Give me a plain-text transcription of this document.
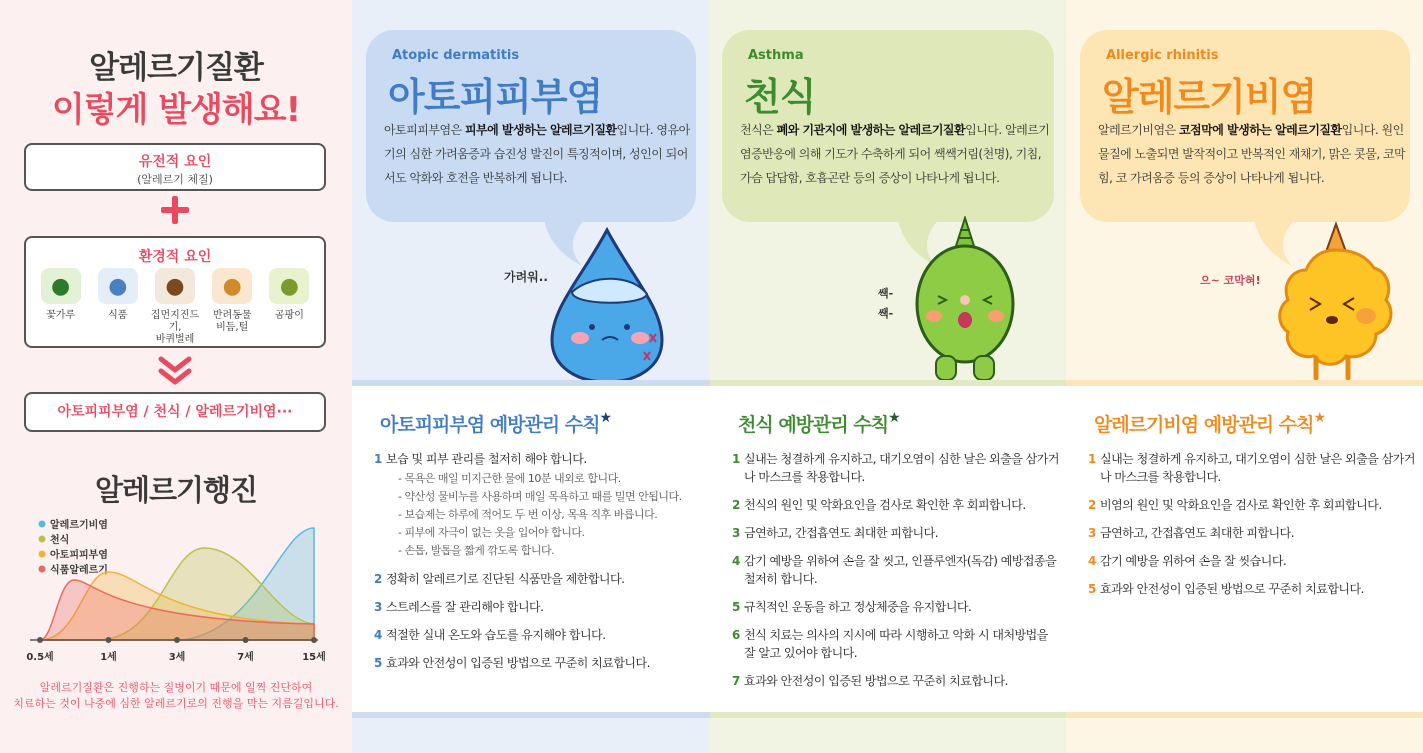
알레르기질환
이렇게 발생해요!
유전적 요인
(알레르기 체질)
환경적 요인
●
꽃가루
●
식품
●
집먼지진드기,
바퀴벌레
●
반려동물
비듬,털
●
곰팡이
아토피피부염 / 천식 / 알레르기비염···
알레르기행진
알레르기비염
천식
아토피피부염
식품알레르기
0.5세	1세	3세	7세	15세
알레르기질환은 진행하는 질병이기 때문에 일찍 진단하여
치료하는 것이 나중에 심한 알레르기로의 진행을 막는 지름길입니다.
Atopic dermatitis
아토피피부염
아토피피부염은 피부에 발생하는 알레르기질환입니다. 영유아기의 심한 가려움증과 습진성 발진이 특징적이며, 성인이 되어서도 악화와 호전을 반복하게 됩니다.
가려워..
아토피피부염 예방관리 수칙★
1 보습 및 피부 관리를 철저히 해야 합니다.
- 목욕은 매일 미지근한 물에 10분 내외로 합니다.
- 약산성 물비누를 사용하며 매일 목욕하고 때를 밀면 안됩니다.
- 보습제는 하루에 적어도 두 번 이상, 목욕 직후 바릅니다.
- 피부에 자극이 없는 옷을 입어야 합니다.
- 손톱, 발톱을 짧게 깎도록 합니다.
2 정확히 알레르기로 진단된 식품만을 제한합니다.
3 스트레스를 잘 관리해야 합니다.
4 적절한 실내 온도와 습도를 유지해야 합니다.
5 효과와 안전성이 입증된 방법으로 꾸준히 치료합니다.
Asthma
천식
천식은 폐와 기관지에 발생하는 알레르기질환입니다. 알레르기 염증반응에 의해 기도가 수축하게 되어 쌕쌕거림(천명), 기침, 가슴 답답함, 호흡곤란 등의 증상이 나타나게 됩니다.
쌕- 쌕-
천식 예방관리 수칙★
1 실내는 청결하게 유지하고, 대기오염이 심한 날은 외출을 삼가거나 마스크를 착용합니다.
2 천식의 원인 및 악화요인을 검사로 확인한 후 회피합니다.
3 금연하고, 간접흡연도 최대한 피합니다.
4 감기 예방을 위하여 손을 잘 씻고, 인플루엔자(독감) 예방접종을 철저히 합니다.
5 규칙적인 운동을 하고 정상체중을 유지합니다.
6 천식 치료는 의사의 지시에 따라 시행하고 악화 시 대처방법을 잘 알고 있어야 합니다.
7 효과와 안전성이 입증된 방법으로 꾸준히 치료합니다.
Allergic rhinitis
알레르기비염
알레르기비염은 코점막에 발생하는 알레르기질환입니다. 원인 물질에 노출되면 발작적이고 반복적인 재채기, 맑은 콧물, 코막힘, 코 가려움증 등의 증상이 나타나게 됩니다.
으~ 코막혀!
알레르기비염 예방관리 수칙★
1 실내는 청결하게 유지하고, 대기오염이 심한 날은 외출을 삼가거나 마스크를 착용합니다.
2 비염의 원인 및 악화요인을 검사로 확인한 후 회피합니다.
3 금연하고, 간접흡연도 최대한 피합니다.
4 감기 예방을 위하여 손을 잘 씻습니다.
5 효과와 안전성이 입증된 방법으로 꾸준히 치료합니다.
